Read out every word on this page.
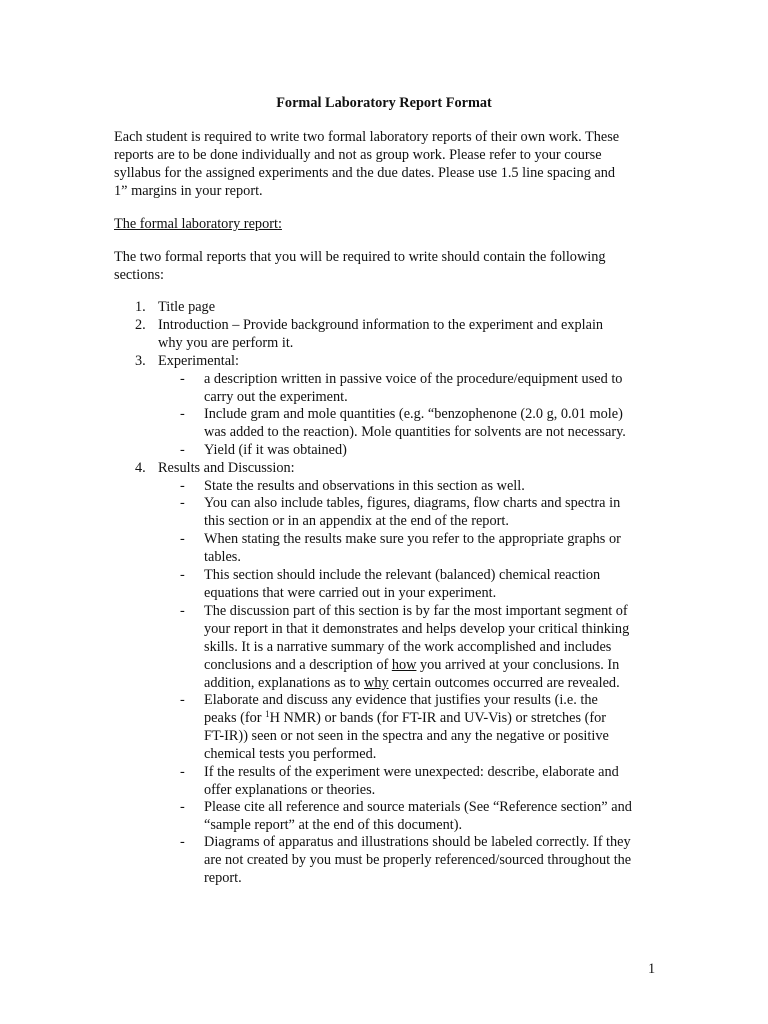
Formal Laboratory Report Format
Each student is required to write two formal laboratory reports of their own work. These
reports are to be done individually and not as group work. Please refer to your course
syllabus for the assigned experiments and the due dates. Please use 1.5 line spacing and
1” margins in your report.
The formal laboratory report:
The two formal reports that you will be required to write should contain the following
sections:
1. Title page
2. Introduction – Provide background information to the experiment and explain
why you are perform it.
3. Experimental:
- a description written in passive voice of the procedure/equipment used to
carry out the experiment.
- Include gram and mole quantities (e.g. “benzophenone (2.0 g, 0.01 mole)
was added to the reaction). Mole quantities for solvents are not necessary.
- Yield (if it was obtained)
4. Results and Discussion:
- State the results and observations in this section as well.
- You can also include tables, figures, diagrams, flow charts and spectra in
this section or in an appendix at the end of the report.
- When stating the results make sure you refer to the appropriate graphs or
tables.
- This section should include the relevant (balanced) chemical reaction
equations that were carried out in your experiment.
- The discussion part of this section is by far the most important segment of
your report in that it demonstrates and helps develop your critical thinking
skills. It is a narrative summary of the work accomplished and includes
conclusions and a description of how you arrived at your conclusions. In
addition, explanations as to why certain outcomes occurred are revealed.
- Elaborate and discuss any evidence that justifies your results (i.e. the
peaks (for $^1$H NMR) or bands (for FT-IR and UV-Vis) or stretches (for
FT-IR)) seen or not seen in the spectra and any the negative or positive
chemical tests you performed.
- If the results of the experiment were unexpected: describe, elaborate and
offer explanations or theories.
- Please cite all reference and source materials (See “Reference section” and
“sample report” at the end of this document).
- Diagrams of apparatus and illustrations should be labeled correctly. If they
are not created by you must be properly referenced/sourced throughout the
report.
1
